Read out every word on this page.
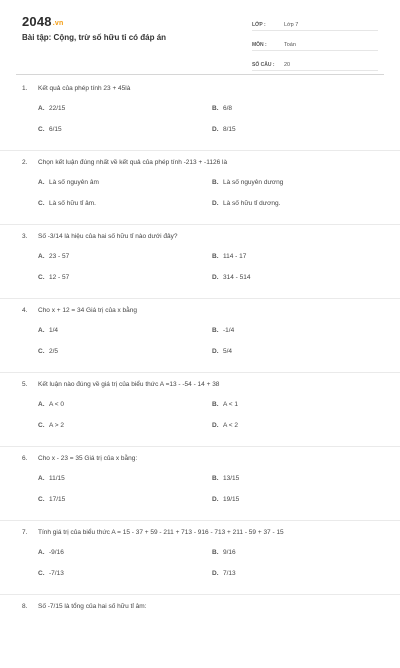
2048.vn
Bài tập: Cộng, trừ số hữu tỉ có đáp án
LỚP :	Lớp 7
MÔN :	Toán
SỐ CÂU :	20
1. Kết quả của phép tính 23 + 45là
A. 22/15	B. 6/8
C. 6/15	D. 8/15
2. Chọn kết luận đúng nhất về kết quả của phép tính -213 + -1126 là
A. Là số nguyên âm	B. Là số nguyên dương
C. Là số hữu tỉ âm.	D. Là số hữu tỉ dương.
3. Số -3/14 là hiệu của hai số hữu tỉ nào dưới đây?
A. 23 - 57	B. 114 - 17
C. 12 - 57	D. 314 - 514
4. Cho x + 12 = 34 Giá trị của x bằng
A. 1/4	B. -1/4
C. 2/5	D. 5/4
5. Kết luận nào đúng về giá trị của biểu thức A =13 - -54 - 14 + 38
A. A < 0	B. A < 1
C. A > 2	D. A < 2
6. Cho x - 23 = 35 Giá trị của x bằng:
A. 11/15	B. 13/15
C. 17/15	D. 19/15
7. Tính giá trị của biểu thức A = 15 - 37 + 59 - 211 + 713 - 916 - 713 + 211 - 59 + 37 - 15
A. -9/16	B. 9/16
C. -7/13	D. 7/13
8. Số -7/15 là tổng của hai số hữu tỉ âm:
